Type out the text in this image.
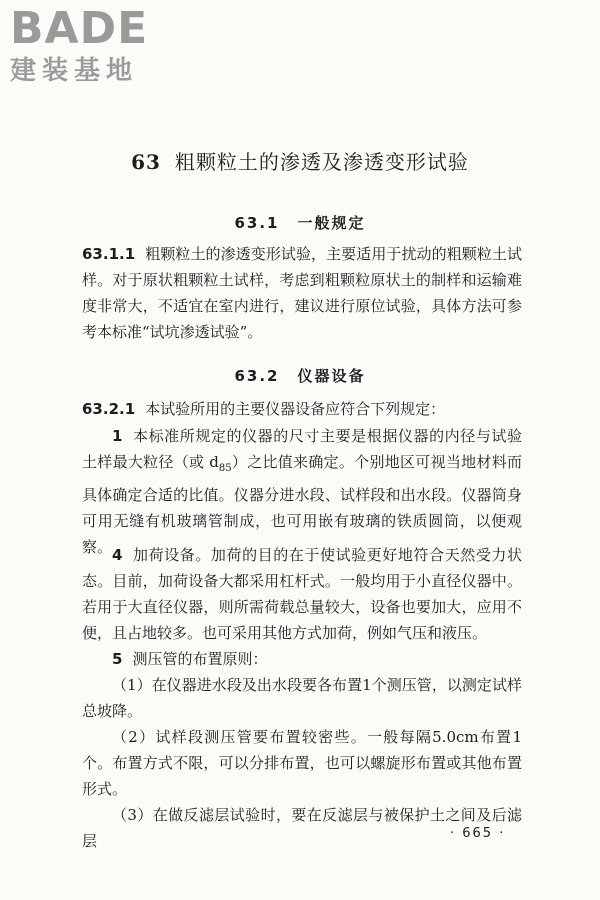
BADE
建装基地
63 粗颗粒土的渗透及渗透变形试验
63.1 一般规定
63.1.1 粗颗粒土的渗透变形试验，主要适用于扰动的粗颗粒土试样。对于原状粗颗粒土试样，考虑到粗颗粒原状土的制样和运输难度非常大，不适宜在室内进行，建议进行原位试验，具体方法可参考本标准“试坑渗透试验”。
63.2 仪器设备
63.2.1 本试验所用的主要仪器设备应符合下列规定：
1 本标准所规定的仪器的尺寸主要是根据仪器的内径与试验土样最大粒径（或 $d_{85}$）之比值来确定。个别地区可视当地材料而具体确定合适的比值。仪器分进水段、试样段和出水段。仪器筒身可用无缝有机玻璃管制成，也可用嵌有玻璃的铁质圆筒，以便观察。 4 加荷设备。加荷的目的在于使试验更好地符合天然受力状态。目前，加荷设备大都采用杠杆式。一般均用于小直径仪器中。若用于大直径仪器，则所需荷载总量较大，设备也要加大，应用不便，且占地较多。也可采用其他方式加荷，例如气压和液压。
5 测压管的布置原则：
（1）在仪器进水段及出水段要各布置1个测压管，以测定试样总坡降。
（2）试样段测压管要布置较密些。一般每隔5.0cm布置1个。布置方式不限，可以分排布置，也可以螺旋形布置或其他布置形式。
（3）在做反滤层试验时，要在反滤层与被保护土之间及后滤层	· 665 ·
